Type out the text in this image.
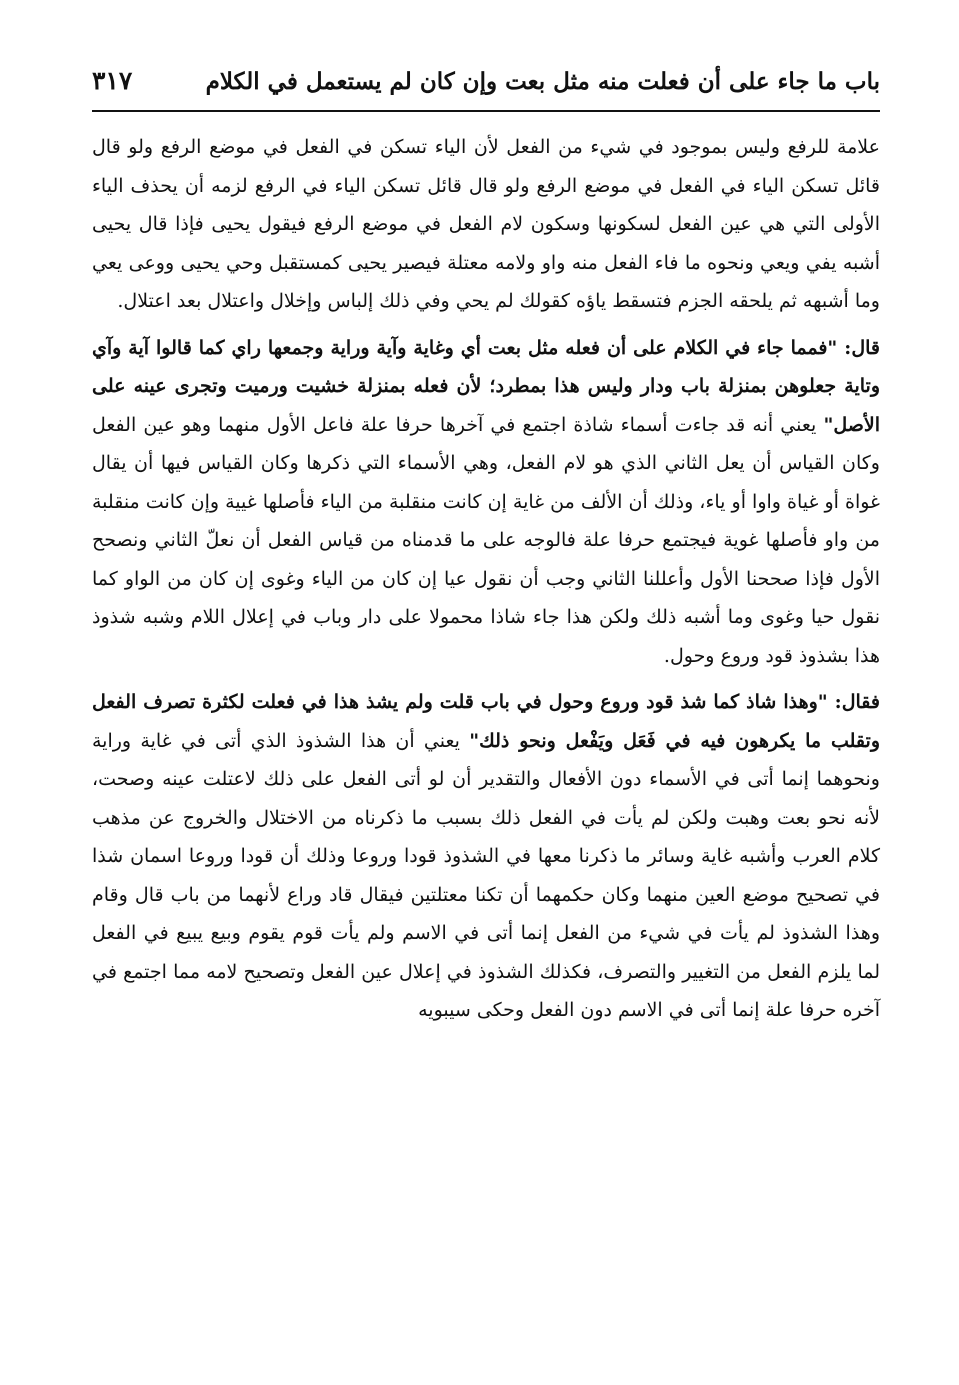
باب ما جاء على أن فعلت منه مثل بعت وإن كان لم يستعمل في الكلام
٣١٧

علامة للرفع وليس بموجود في شيء من الفعل لأن الياء تسكن في الفعل في موضع الرفع ولو قال قائل تسكن الياء في الفعل في موضع الرفع ولو قال قائل تسكن الياء في الرفع لزمه أن يحذف الياء الأولى التي هي عين الفعل لسكونها وسكون لام الفعل في موضع الرفع فيقول يحيى فإذا قال يحيى أشبه يفي ويعي ونحوه ما فاء الفعل منه واو ولامه معتلة فيصير يحيى كمستقبل وحي يحيى ووعى يعي وما أشبهه ثم يلحقه الجزم فتسقط ياؤه كقولك لم يحي وفي ذلك إلباس وإخلال واعتلال بعد اعتلال.

قال: "فمما جاء في الكلام على أن فعله مثل بعت أي وغاية وآية وراية وجمعها راي كما قالوا آية وآي وتاية جعلوهن بمنزلة باب ودار وليس هذا بمطرد؛ لأن فعله بمنزلة خشيت ورميت وتجرى عينه على الأصل" يعني أنه قد جاءت أسماء شاذة اجتمع في آخرها حرفا علة فاعل الأول منهما وهو عين الفعل وكان القياس أن يعل الثاني الذي هو لام الفعل، وهي الأسماء التي ذكرها وكان القياس فيها أن يقال غواة أو غياة واوا أو ياء، وذلك أن الألف من غاية إن كانت منقلبة من الياء فأصلها غيية وإن كانت منقلبة من واو فأصلها غوية فيجتمع حرفا علة فالوجه على ما قدمناه من قياس الفعل أن نعلّ الثاني ونصحح الأول فإذا صححنا الأول وأعللنا الثاني وجب أن نقول عيا إن كان من الياء وغوى إن كان من الواو كما نقول حيا وغوى وما أشبه ذلك ولكن هذا جاء شاذا محمولا على دار وباب في إعلال اللام وشبه شذوذ هذا بشذوذ قود وروع وحول.

فقال: "وهذا شاذ كما شذ قود وروع وحول في باب قلت ولم يشذ هذا في فعلت لكثرة تصرف الفعل وتقلب ما يكرهون فيه في فَعَل ويَفْعل ونحو ذلك" يعني أن هذا الشذوذ الذي أتى في غاية وراية ونحوهما إنما أتى في الأسماء دون الأفعال والتقدير أن لو أتى الفعل على ذلك لاعتلت عينه وصحت، لأنه نحو بعت وهبت ولكن لم يأت في الفعل ذلك بسبب ما ذكرناه من الاختلال والخروج عن مذهب كلام العرب وأشبه غاية وسائر ما ذكرنا معها في الشذوذ قودا وروعا وذلك أن قودا وروعا اسمان شذا في تصحيح موضع العين منهما وكان حكمهما أن تكنا معتلتين فيقال قاد وراع لأنهما من باب قال وقام وهذا الشذوذ لم يأت في شيء من الفعل إنما أتى في الاسم ولم يأت قوم يقوم وبيع يبيع في الفعل لما يلزم الفعل من التغيير والتصرف، فكذلك الشذوذ في إعلال عين الفعل وتصحيح لامه مما اجتمع في آخره حرفا علة إنما أتى في الاسم دون الفعل وحكى سيبويه
